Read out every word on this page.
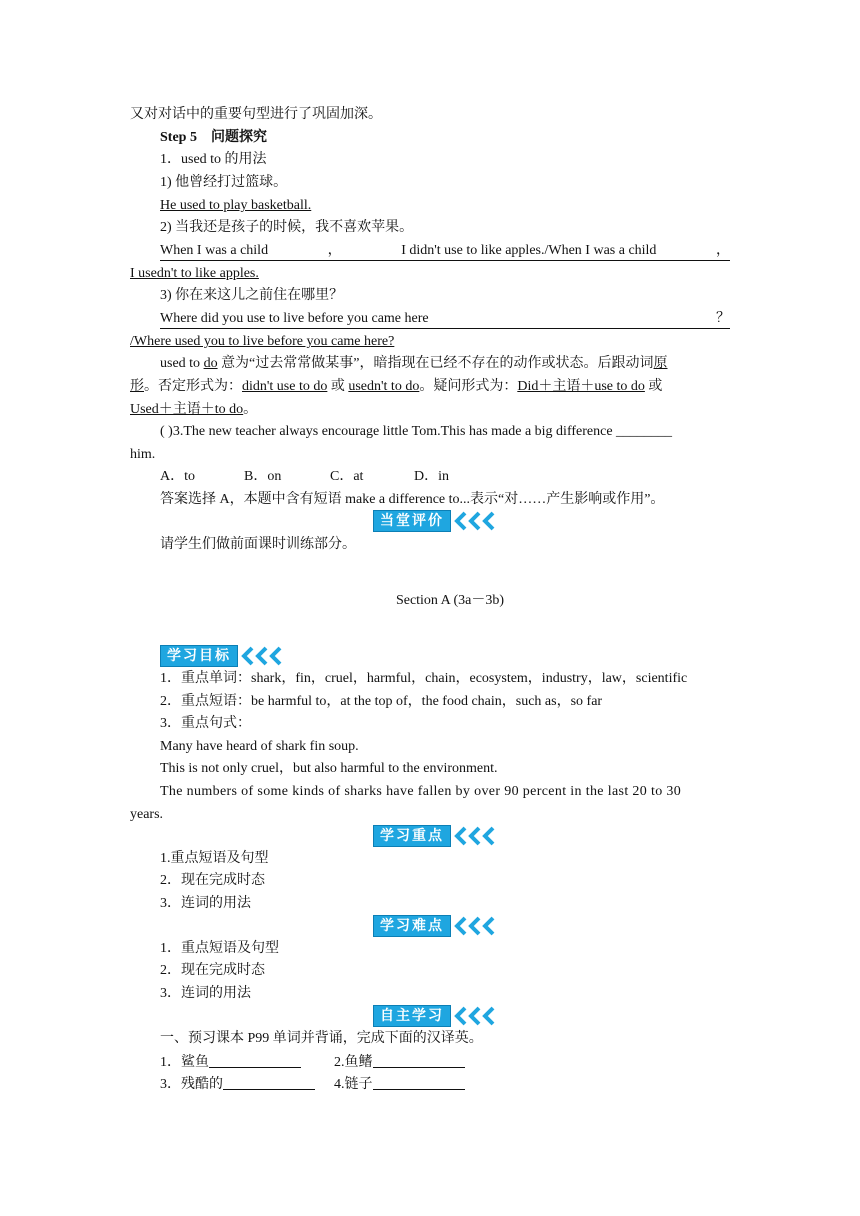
又对对话中的重要句型进行了巩固加深。
Step 5 问题探究
1．used to 的用法
1) 他曾经打过篮球。
He used to play basketball.
2) 当我还是孩子的时候，我不喜欢苹果。
When I was a child	，	I didn't use to like apples./When I was a child	，
I usedn't to like apples.
3) 你在来这儿之前住在哪里？
Where did you use to live before you came here	？
/Where used you to live before you came here?
used to do 意为“过去常常做某事”，暗指现在已经不存在的动作或状态。后跟动词原
形。否定形式为：didn't use to do 或 usedn't to do。疑问形式为：Did＋主语＋use to do 或
Used＋主语＋to do。
( )3.The new teacher always encourage little Tom.This has made a big difference ________
him.
A．to	B．on	C．at	D．in
答案选择 A，本题中含有短语 make a difference to...表示“对……产生影响或作用”。
当堂评价
请学生们做前面课时训练部分。
Section A (3a－3b)
学习目标
1．重点单词：shark，fin，cruel，harmful，chain，ecosystem，industry，law，scientific
2．重点短语：be harmful to，at the top of，the food chain，such as，so far
3．重点句式：
Many have heard of shark fin soup.
This is not only cruel，but also harmful to the environment.
The numbers of some kinds of sharks have fallen by over 90 percent in the last 20 to 30
years.
学习重点
1.重点短语及句型
2．现在完成时态
3．连词的用法
学习难点
1．重点短语及句型
2．现在完成时态
3．连词的用法
自主学习
一、预习课本 P99 单词并背诵，完成下面的汉译英。
1．鲨鱼	2.鱼鳍
3．残酷的	4.链子
